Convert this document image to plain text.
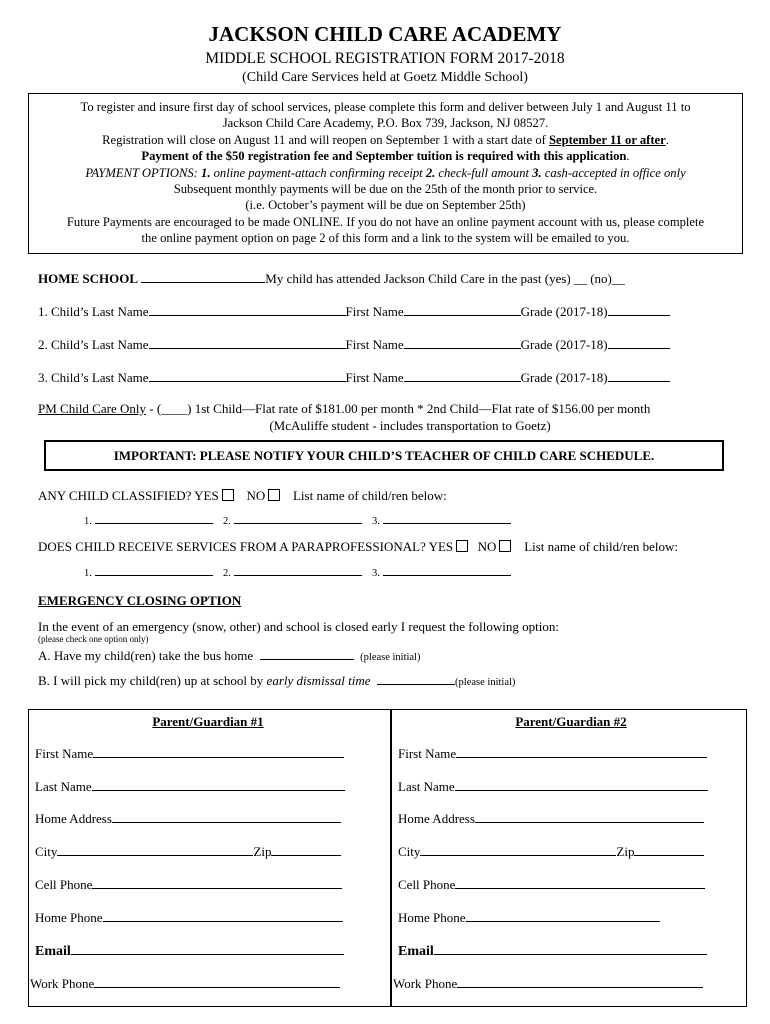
JACKSON CHILD CARE ACADEMY
MIDDLE SCHOOL REGISTRATION FORM 2017-2018
(Child Care Services held at Goetz Middle School)

To register and insure first day of school services, please complete this form and deliver between July 1 and August 11 to

Jackson Child Care Academy, P.O. Box 739, Jackson, NJ 08527.

Registration will close on August 11 and will reopen on September 1 with a start date of September 11 or after.

Payment of the $50 registration fee and September tuition is required with this application.

PAYMENT OPTIONS: 1. online payment-attach confirming receipt 2. check-full amount 3. cash-accepted in office only

Subsequent monthly payments will be due on the 25th of the month prior to service.

(i.e. October’s payment will be due on September 25th)

Future Payments are encouraged to be made ONLINE. If you do not have an online payment account with us, please complete

the online payment option on page 2 of this form and a link to the system will be emailed to you.

HOME SCHOOL	My child has attended Jackson Child Care in the past (yes) __ (no)__
1. Child’s Last Name	First Name	Grade (2017-18)
2. Child’s Last Name	First Name	Grade (2017-18)
3. Child’s Last Name	First Name	Grade (2017-18)
PM Child Care Only - (____) 1st Child—Flat rate of $181.00 per month * 2nd Child—Flat rate of $156.00 per month
(McAuliffe student - includes transportation to Goetz)
IMPORTANT: PLEASE NOTIFY YOUR CHILD’S TEACHER OF CHILD CARE SCHEDULE.
ANY CHILD CLASSIFIED? YES NO List name of child/ren below:
1.	2.	3.
DOES CHILD RECEIVE SERVICES FROM A PARAPROFESSIONAL? YES NO List name of child/ren below:
1.	2.	3.
EMERGENCY CLOSING OPTION
In the event of an emergency (snow, other) and school is closed early I request the following option:
(please check one option only)
A. Have my child(ren) take the bus home	(please initial)
B. I will pick my child(ren) up at school by early dismissal time	(please initial)
Parent/Guardian #1
First Name
Last Name
Home Address
City	Zip
Cell Phone
Home Phone
Email
Work Phone
Parent/Guardian #2
First Name
Last Name
Home Address
City	Zip
Cell Phone
Home Phone
Email
Work Phone
